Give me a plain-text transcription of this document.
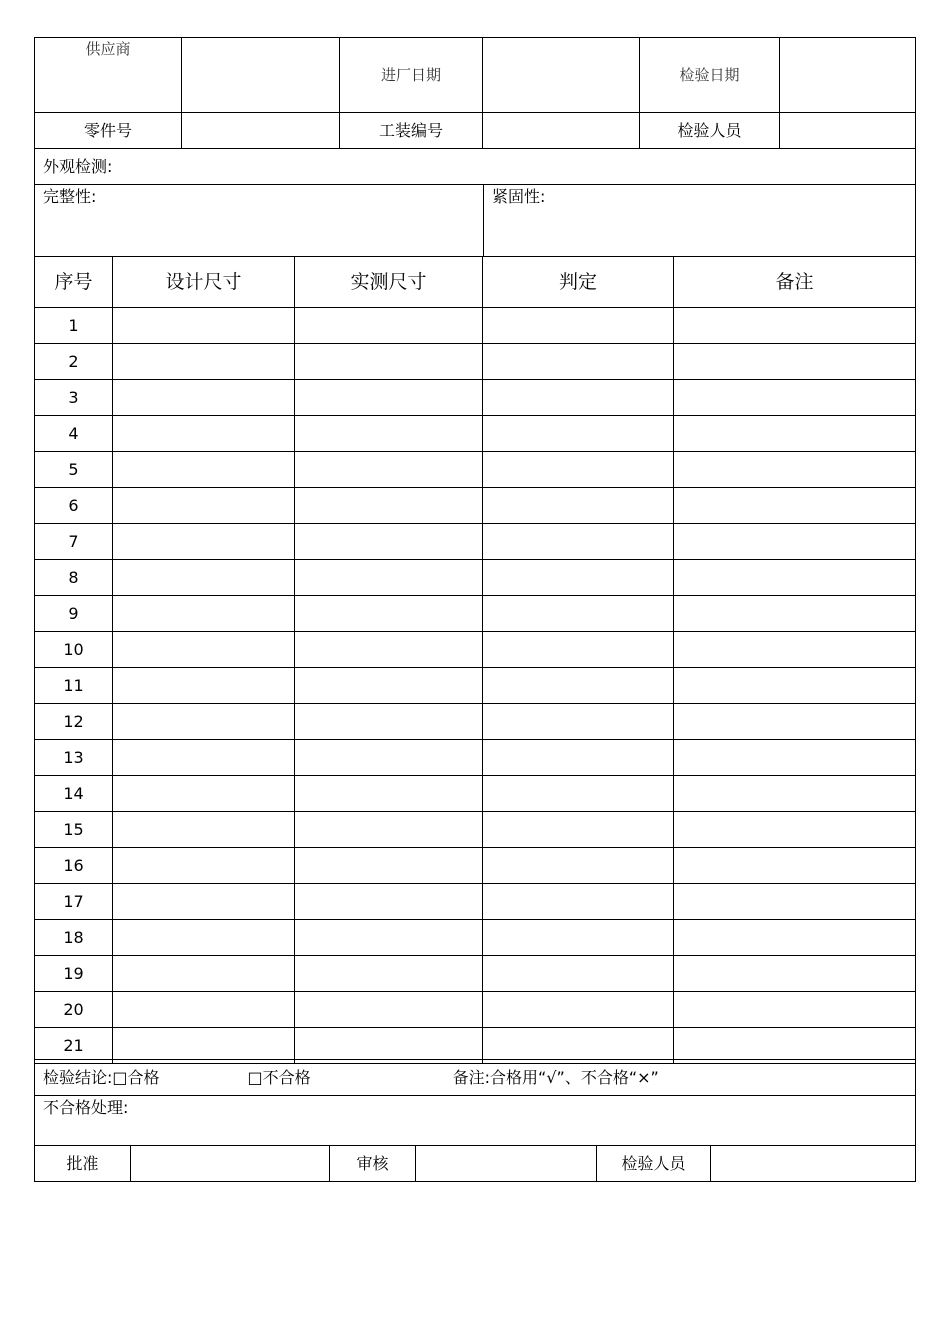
供应商		进厂日期		检验日期	
零件号		工装编号		检验人员	
外观检测:
完整性:	紧固性:
序号	设计尺寸	实测尺寸	判定	备注
1				
2				
3				
4				
5				
6				
7				
8				
9				
10				
11				
12				
13				
14				
15				
16				
17				
18				
19				
20				
21				
检验结论:□合格	□不合格	备注:合格用“√”、不合格“×”
不合格处理:
批准		审核		检验人员	
